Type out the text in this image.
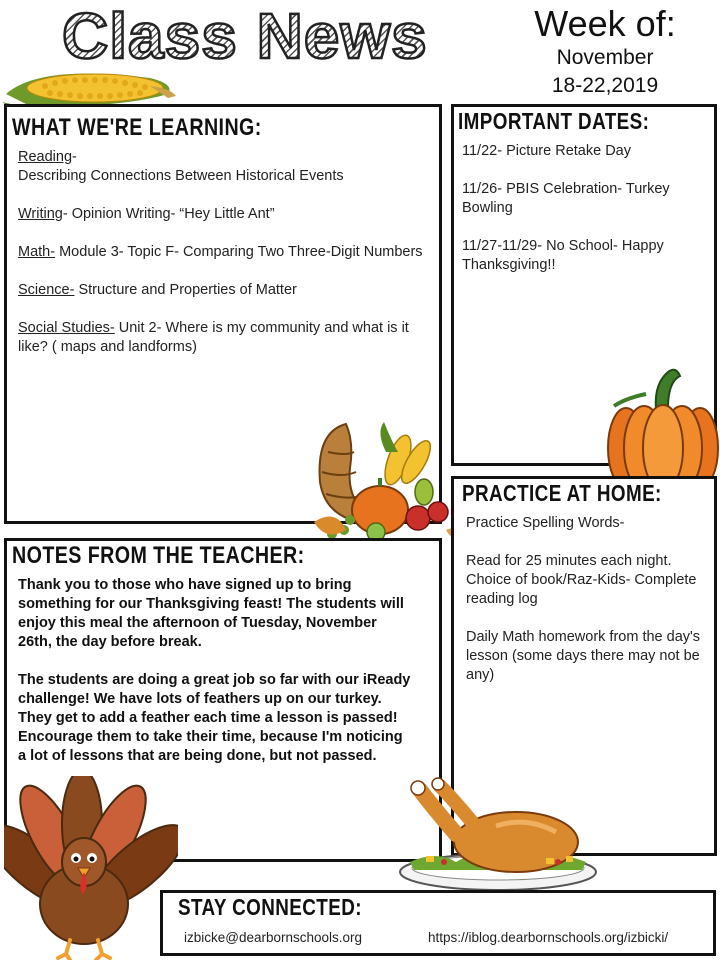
Class News	Week of:
November
18-22,2019
WHAT WE'RE LEARNING:

Reading-
Describing Connections Between Historical Events

Writing- Opinion Writing- “Hey Little Ant”

Math- Module 3- Topic F- Comparing Two Three-Digit Numbers

Science- Structure and Properties of Matter

Social Studies- Unit 2- Where is my community and what is it like? ( maps and landforms)

IMPORTANT DATES:

11/22- Picture Retake Day

11/26- PBIS Celebration- Turkey Bowling

11/27-11/29- No School- Happy Thanksgiving!!

PRACTICE AT HOME:

Practice Spelling Words-

Read for 25 minutes each night. Choice of book/Raz-Kids- Complete reading log

Daily Math homework from the day's lesson (some days there may not be any)

NOTES FROM THE TEACHER:

Thank you to those who have signed up to bring something for our Thanksgiving feast! The students will enjoy this meal the afternoon of Tuesday, November 26th, the day before break.

The students are doing a great job so far with our iReady challenge! We have lots of feathers up on our turkey. They get to add a feather each time a lesson is passed! Encourage them to take their time, because I'm noticing a lot of lessons that are being done, but not passed.

STAY CONNECTED:
izbicke@dearbornschools.org	https://iblog.dearbornschools.org/izbicki/
